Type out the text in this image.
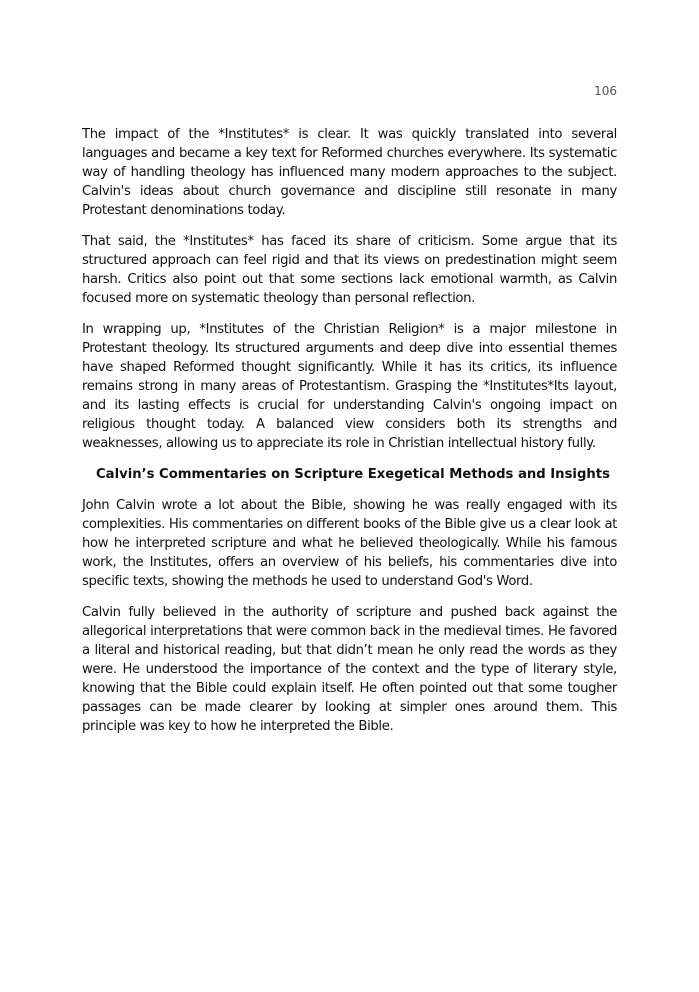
106

The impact of the *Institutes* is clear. It was quickly translated into several languages and became a key text for Reformed churches everywhere. Its systematic way of handling theology has influenced many modern approaches to the subject. Calvin's ideas about church governance and discipline still resonate in many Protestant denominations today.

That said, the *Institutes* has faced its share of criticism. Some argue that its structured approach can feel rigid and that its views on predestination might seem harsh. Critics also point out that some sections lack emotional warmth, as Calvin focused more on systematic theology than personal reflection.

In wrapping up, *Institutes of the Christian Religion* is a major milestone in Protestant theology. Its structured arguments and deep dive into essential themes have shaped Reformed thought significantly. While it has its critics, its influence remains strong in many areas of Protestantism. Grasping the *Institutes*Its layout, and its lasting effects is crucial for understanding Calvin's ongoing impact on religious thought today. A balanced view considers both its strengths and weaknesses, allowing us to appreciate its role in Christian intellectual history fully.

Calvin’s Commentaries on Scripture Exegetical Methods and Insights

John Calvin wrote a lot about the Bible, showing he was really engaged with its complexities. His commentaries on different books of the Bible give us a clear look at how he interpreted scripture and what he believed theologically. While his famous work, the Institutes, offers an overview of his beliefs, his commentaries dive into specific texts, showing the methods he used to understand God's Word.

Calvin fully believed in the authority of scripture and pushed back against the allegorical interpretations that were common back in the medieval times. He favored a literal and historical reading, but that didn’t mean he only read the words as they were. He understood the importance of the context and the type of literary style, knowing that the Bible could explain itself. He often pointed out that some tougher passages can be made clearer by looking at simpler ones around them. This principle was key to how he interpreted the Bible.
